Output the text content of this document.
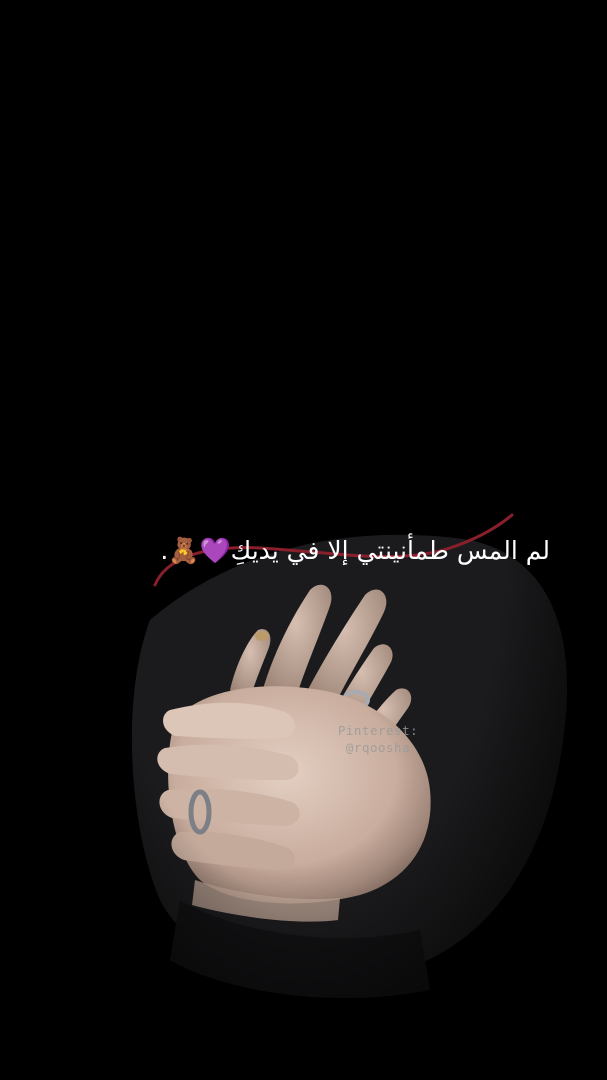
لم المس طمأنينتي إلا في يديكِ💜🧸.
Pinterest:
@rqoosha
